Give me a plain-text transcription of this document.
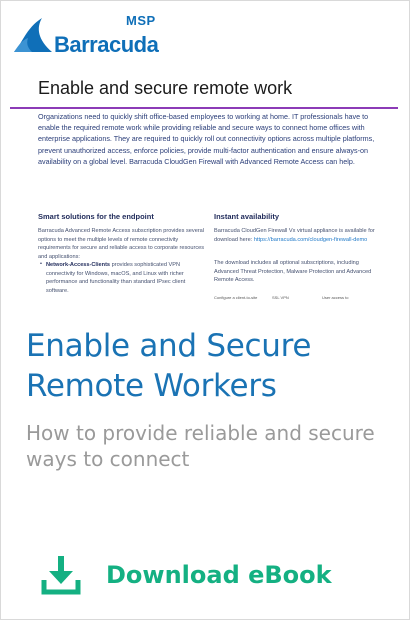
MSP
Barracuda
Enable and secure remote work
Organizations need to quickly shift office-based employees to working at home. IT professionals have to enable the required remote work while providing reliable and secure ways to connect home offices with enterprise applications. They are required to quickly roll out connectivity options across multiple platforms, prevent unauthorized access, enforce policies, provide multi-factor authentication and ensure always-on availability on a global level. Barracuda CloudGen Firewall with Advanced Remote Access can help.
Smart solutions for the endpoint
Barracuda Advanced Remote Access subscription provides several options to meet the multiple levels of remote connectivity requirements for secure and reliable access to corporate resources and applications:
• Network-Access-Clients provides sophisticated VPN connectivity for Windows, macOS, and Linux with richer performance and functionality than standard IPsec client software.
Instant availability
Barracuda CloudGen Firewall Vx virtual appliance is available for download here: https://barracuda.com/cloudgen-firewall-demo
The download includes all optional subscriptions, including Advanced Threat Protection, Malware Protection and Advanced Remote Access.
Configure a client-to-site	SSL VPN	User access to
Enable and Secure
Remote Workers
How to provide reliable and secure
ways to connect
Download eBook
